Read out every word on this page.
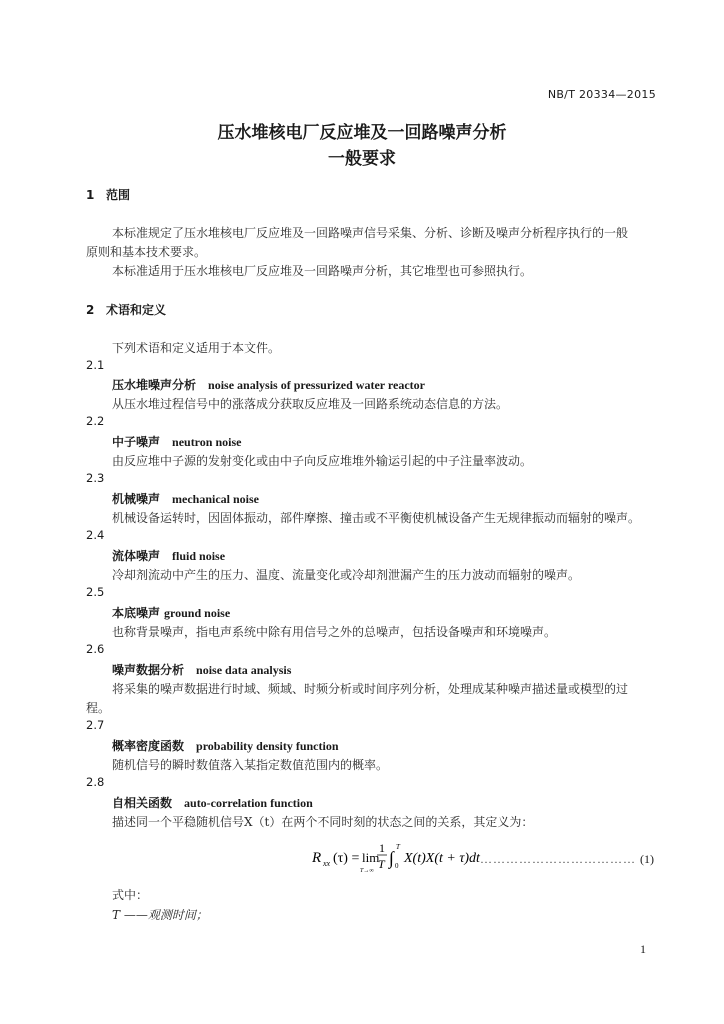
NB/T 20334—2015
压水堆核电厂反应堆及一回路噪声分析
一般要求
1 范围
本标准规定了压水堆核电厂反应堆及一回路噪声信号采集、分析、诊断及噪声分析程序执行的一般
原则和基本技术要求。
本标准适用于压水堆核电厂反应堆及一回路噪声分析，其它堆型也可参照执行。
2 术语和定义
下列术语和定义适用于本文件。
2.1
压水堆噪声分析 noise analysis of pressurized water reactor
从压水堆过程信号中的涨落成分获取反应堆及一回路系统动态信息的方法。
2.2
中子噪声 neutron noise
由反应堆中子源的发射变化或由中子向反应堆堆外输运引起的中子注量率波动。
2.3
机械噪声 mechanical noise
机械设备运转时，因固体振动，部件摩擦、撞击或不平衡使机械设备产生无规律振动而辐射的噪声。
2.4
流体噪声 fluid noise
冷却剂流动中产生的压力、温度、流量变化或冷却剂泄漏产生的压力波动而辐射的噪声。
2.5
本底噪声 ground noise
也称背景噪声，指电声系统中除有用信号之外的总噪声，包括设备噪声和环境噪声。
2.6
噪声数据分析 noise data analysis
将采集的噪声数据进行时域、频域、时频分析或时间序列分析，处理成某种噪声描述量或模型的过
程。
2.7
概率密度函数 probability density function
随机信号的瞬时数值落入某指定数值范围内的概率。
2.8
自相关函数 auto-correlation function
描述同一个平稳随机信号X（t）在两个不同时刻的状态之间的关系，其定义为：
R xx (τ) = lim
T→∞
1
T ∫
T
0 X(t)X(t + τ)dt ……………………………… (1)
式中：
T ——观测时间；
1
